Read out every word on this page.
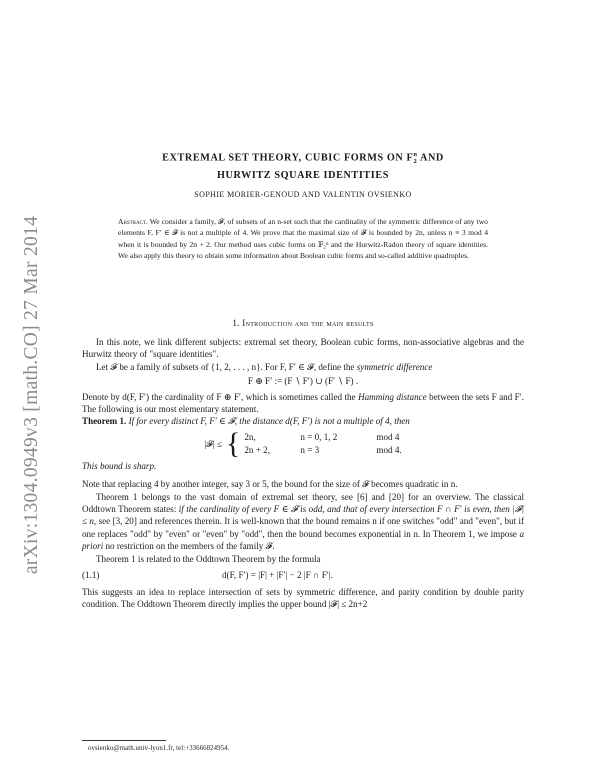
arXiv:1304.0949v3 [math.CO] 27 Mar 2014
EXTREMAL SET THEORY, CUBIC FORMS ON $F^n_2$ AND
HURWITZ SQUARE IDENTITIES
SOPHIE MORIER-GENOUD AND VALENTIN OVSIENKO
Abstract. We consider a family, 𝓕, of subsets of an n-set such that the cardinality of the symmetric difference of any two elements F, F′ ∈ 𝓕 is not a multiple of 4. We prove that the maximal size of 𝓕 is bounded by 2n, unless n ≡ 3 mod 4 when it is bounded by 2n + 2. Our method uses cubic forms on 𝔽₂ⁿ and the Hurwitz-Radon theory of square identities. We also apply this theory to obtain some information about Boolean cubic forms and so-called additive quadruples.
1. Introduction and the main results

In this note, we link different subjects: extremal set theory, Boolean cubic forms, non-associative algebras and the Hurwitz theory of "square identities".

Let 𝓕 be a family of subsets of {1, 2, . . . , n}. For F, F′ ∈ 𝓕, define the symmetric difference

F ⊕ F′ := (F ∖ F′) ∪ (F′ ∖ F) .

Denote by d(F, F′) the cardinality of F ⊕ F′, which is sometimes called the Hamming distance between the sets F and F′. The following is our most elementary statement.

Theorem 1. If for every distinct F, F′ ∈ 𝓕, the distance d(F, F′) is not a multiple of 4, then

|𝓕| ≤ { 2n,	n = 0, 1, 2	mod 4
2n + 2,	n = 3	mod 4.

This bound is sharp.

Note that replacing 4 by another integer, say 3 or 5, the bound for the size of 𝓕 becomes quadratic in n.

Theorem 1 belongs to the vast domain of extremal set theory, see [6] and [20] for an overview. The classical Oddtown Theorem states: if the cardinality of every F ∈ 𝓕 is odd, and that of every intersection F ∩ F′ is even, then |𝓕| ≤ n, see [3, 20] and references therein. It is well-known that the bound remains n if one switches "odd" and "even", but if one replaces "odd" by "even" or "even" by "odd", then the bound becomes exponential in n. In Theorem 1, we impose a priori no restriction on the members of the family 𝓕.

Theorem 1 is related to the Oddtown Theorem by the formula

(1.1)	d(F, F′) = |F| + |F′| − 2 |F ∩ F′|.

This suggests an idea to replace intersection of sets by symmetric difference, and parity condition by double parity condition. The Oddtown Theorem directly implies the upper bound |𝓕| ≤ 2n+2

ovsienko@math.univ-lyon1.fr, tel:+33666824954.
